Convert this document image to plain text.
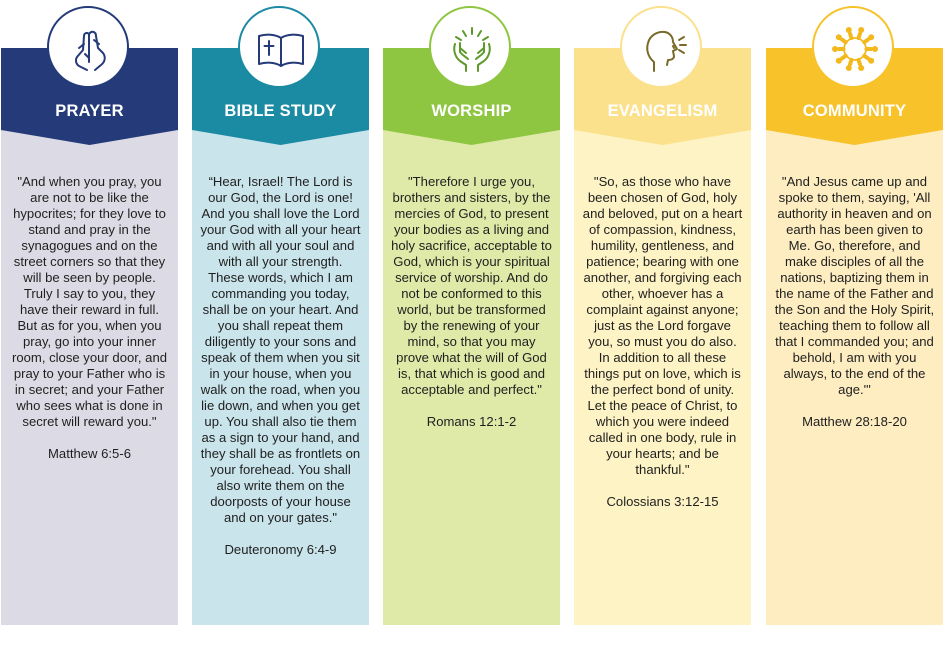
PRAYER

"And when you pray, you are not to be like the hypocrites; for they love to stand and pray in the synagogues and on the street corners so that they will be seen by people. Truly I say to you, they have their reward in full. But as for you, when you pray, go into your inner room, close your door, and pray to your Father who is in secret; and your Father who sees what is done in secret will reward you."
Matthew 6:5-6

BIBLE STUDY

“Hear, Israel! The Lord is our God, the Lord is one! And you shall love the Lord your God with all your heart and with all your soul and with all your strength. These words, which I am commanding you today, shall be on your heart. And you shall repeat them diligently to your sons and speak of them when you sit in your house, when you walk on the road, when you lie down, and when you get up. You shall also tie them as a sign to your hand, and they shall be as frontlets on your forehead. You shall also write them on the doorposts of your house and on your gates."
Deuteronomy 6:4-9

WORSHIP

"Therefore I urge you, brothers and sisters, by the mercies of God, to present your bodies as a living and holy sacrifice, acceptable to God, which is your spiritual service of worship. And do not be conformed to this world, but be transformed by the renewing of your mind, so that you may prove what the will of God is, that which is good and acceptable and perfect."
Romans 12:1-2

EVANGELISM

"So, as those who have been chosen of God, holy and beloved, put on a heart of compassion, kindness, humility, gentleness, and patience; bearing with one another, and forgiving each other, whoever has a complaint against anyone; just as the Lord forgave you, so must you do also. In addition to all these things put on love, which is the perfect bond of unity. Let the peace of Christ, to which you were indeed called in one body, rule in your hearts; and be thankful."
Colossians 3:12-15

COMMUNITY

"And Jesus came up and spoke to them, saying, 'All authority in heaven and on earth has been given to Me. Go, therefore, and make disciples of all the nations, baptizing them in the name of the Father and the Son and the Holy Spirit, teaching them to follow all that I commanded you; and behold, I am with you always, to the end of the age.'"
Matthew 28:18-20
